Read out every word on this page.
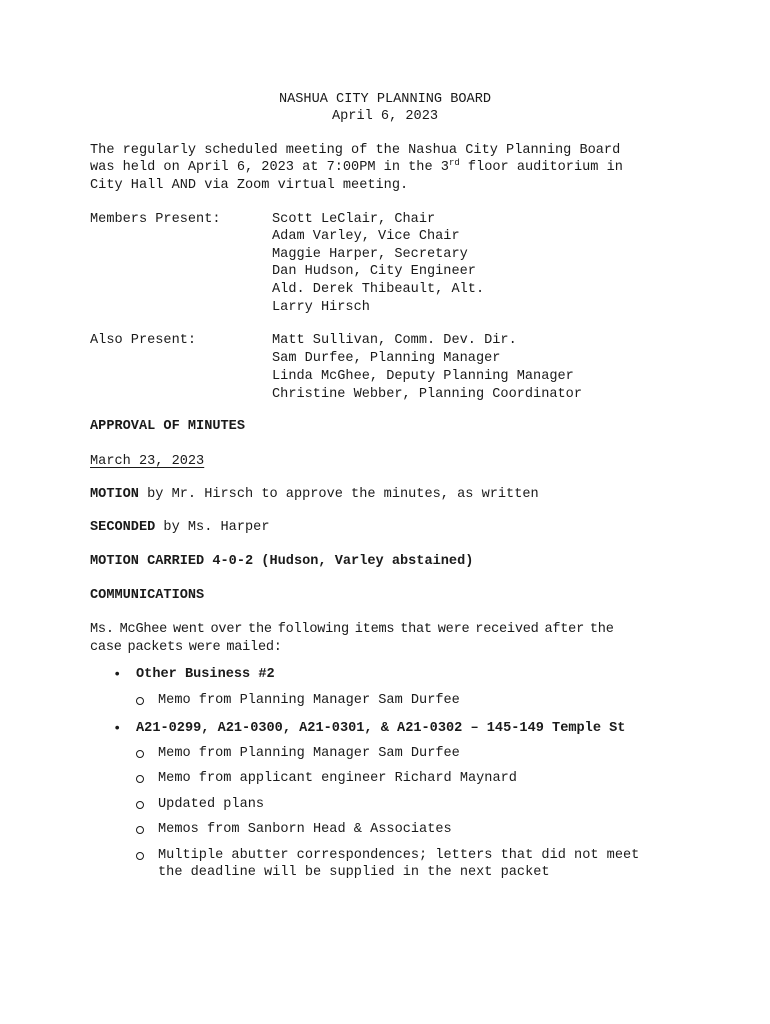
NASHUA CITY PLANNING BOARD
April 6, 2023
The regularly scheduled meeting of the Nashua City Planning Board
was held on April 6, 2023 at 7:00PM in the 3rd floor auditorium in
City Hall AND via Zoom virtual meeting.
Members Present:	Scott LeClair, Chair
Adam Varley, Vice Chair
Maggie Harper, Secretary
Dan Hudson, City Engineer
Ald. Derek Thibeault, Alt.
Larry Hirsch
Also Present:	Matt Sullivan, Comm. Dev. Dir.
Sam Durfee, Planning Manager
Linda McGhee, Deputy Planning Manager
Christine Webber, Planning Coordinator
APPROVAL OF MINUTES
March 23, 2023
MOTION by Mr. Hirsch to approve the minutes, as written
SECONDED by Ms. Harper
MOTION CARRIED 4-0-2 (Hudson, Varley abstained)
COMMUNICATIONS
Ms. McGhee went over the following items that were received after the
case packets were mailed:
• Other Business #2
Memo from Planning Manager Sam Durfee
• A21-0299, A21-0300, A21-0301, & A21-0302 – 145-149 Temple St
Memo from Planning Manager Sam Durfee
Memo from applicant engineer Richard Maynard
Updated plans
Memos from Sanborn Head & Associates
Multiple abutter correspondences; letters that did not meet
the deadline will be supplied in the next packet
